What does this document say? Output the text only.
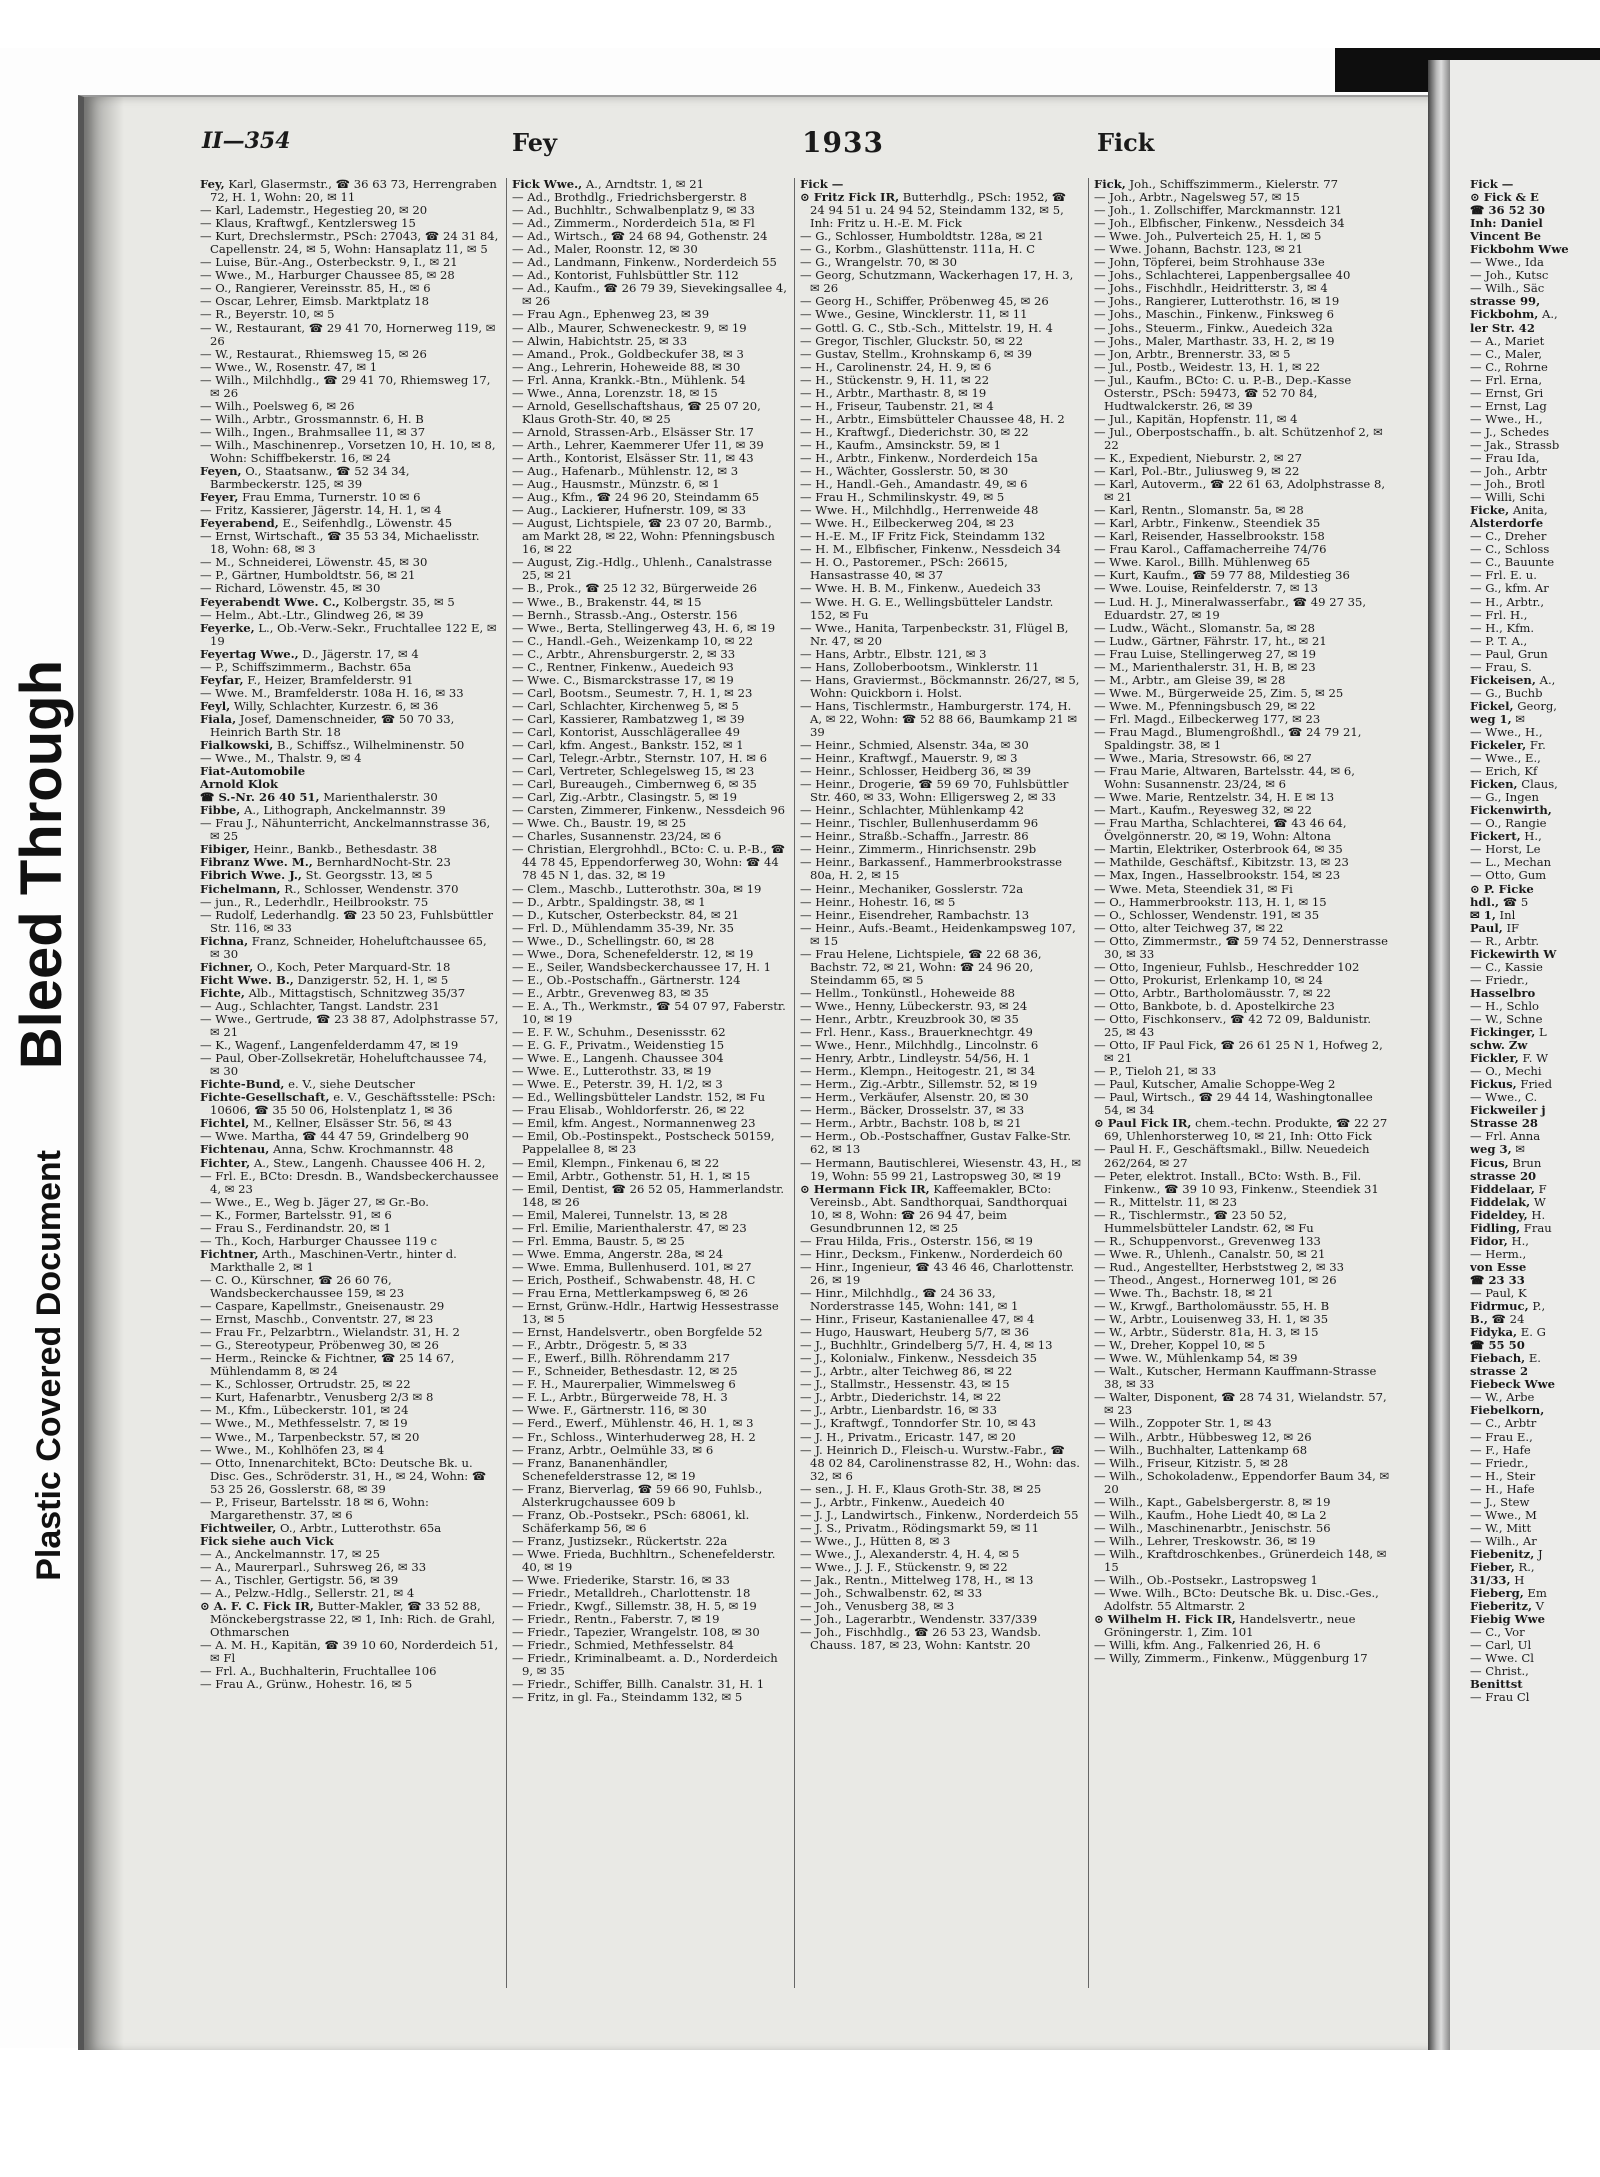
Bleed Through
Plastic Covered Document
II—354	Fey	1933	Fick

Fey, Karl, Glasermstr., ☎ 36 63 73, Herrengraben 72, H. 1, Wohn: 20, ✉ 11

— Karl, Lademstr., Hegestieg 20, ✉ 20

— Klaus, Kraftwgf., Kentzlersweg 15

— Kurt, Drechslermstr., PSch: 27043, ☎ 24 31 84, Capellenstr. 24, ✉ 5, Wohn: Hansaplatz 11, ✉ 5

— Luise, Bür.-Ang., Osterbeckstr. 9, I., ✉ 21

— Wwe., M., Harburger Chaussee 85, ✉ 28

— O., Rangierer, Vereinsstr. 85, H., ✉ 6

— Oscar, Lehrer, Eimsb. Marktplatz 18

— R., Beyerstr. 10, ✉ 5

— W., Restaurant, ☎ 29 41 70, Hornerweg 119, ✉ 26

— W., Restaurat., Rhiemsweg 15, ✉ 26

— Wwe., W., Rosenstr. 47, ✉ 1

— Wilh., Milchhdlg., ☎ 29 41 70, Rhiemsweg 17, ✉ 26

— Wilh., Poelsweg 6, ✉ 26

— Wilh., Arbtr., Grossmannstr. 6, H. B

— Wilh., Ingen., Brahmsallee 11, ✉ 37

— Wilh., Maschinenrep., Vorsetzen 10, H. 10, ✉ 8, Wohn: Schiffbekerstr. 16, ✉ 24

Feyen, O., Staatsanw., ☎ 52 34 34, Barmbeckerstr. 125, ✉ 39

Feyer, Frau Emma, Turnerstr. 10 ✉ 6

— Fritz, Kassierer, Jägerstr. 14, H. 1, ✉ 4

Feyerabend, E., Seifenhdlg., Löwenstr. 45

— Ernst, Wirtschaft., ☎ 35 53 34, Michaelisstr. 18, Wohn: 68, ✉ 3

— M., Schneiderei, Löwenstr. 45, ✉ 30

— P., Gärtner, Humboldtstr. 56, ✉ 21

— Richard, Löwenstr. 45, ✉ 30

Feyerabendt Wwe. C., Kolbergstr. 35, ✉ 5

— Helm., Abt.-Ltr., Glindweg 26, ✉ 39

Feyerke, L., Ob.-Verw.-Sekr., Fruchtallee 122 E, ✉ 19

Feyertag Wwe., D., Jägerstr. 17, ✉ 4

— P., Schiffszimmerm., Bachstr. 65a

Feyfar, F., Heizer, Bramfelderstr. 91

— Wwe. M., Bramfelderstr. 108a H. 16, ✉ 33

Feyl, Willy, Schlachter, Kurzestr. 6, ✉ 36

Fiala, Josef, Damenschneider, ☎ 50 70 33, Heinrich Barth Str. 18

Fialkowski, B., Schiffsz., Wilhelminenstr. 50

— Wwe., M., Thalstr. 9, ✉ 4

Fiat-Automobile

Arnold Klok

☎ S.-Nr. 26 40 51, Marienthalerstr. 30

Fibbe, A., Lithograph, Anckelmannstr. 39

— Frau J., Nähunterricht, Anckelmannstrasse 36, ✉ 25

Fibiger, Heinr., Bankb., Bethesdastr. 38

Fibranz Wwe. M., BernhardNocht-Str. 23

Fibrich Wwe. J., St. Georgsstr. 13, ✉ 5

Fichelmann, R., Schlosser, Wendenstr. 370

— jun., R., Lederhdlr., Heilbrookstr. 75

— Rudolf, Lederhandlg. ☎ 23 50 23, Fuhlsbüttler Str. 116, ✉ 33

Fichna, Franz, Schneider, Hoheluftchaussee 65, ✉ 30

Fichner, O., Koch, Peter Marquard-Str. 18

Ficht Wwe. B., Danzigerstr. 52, H. 1, ✉ 5

Fichte, Alb., Mittagstisch, Schnitzweg 35/37

— Aug., Schlachter, Tangst. Landstr. 231

— Wwe., Gertrude, ☎ 23 38 87, Adolphstrasse 57, ✉ 21

— K., Wagenf., Langenfelderdamm 47, ✉ 19

— Paul, Ober-Zollsekretär, Hoheluftchaussee 74, ✉ 30

Fichte-Bund, e. V., siehe Deutscher

Fichte-Gesellschaft, e. V., Geschäftsstelle: PSch: 10606, ☎ 35 50 06, Holstenplatz 1, ✉ 36

Fichtel, M., Kellner, Elsässer Str. 56, ✉ 43

— Wwe. Martha, ☎ 44 47 59, Grindelberg 90

Fichtenau, Anna, Schw. Krochmannstr. 48

Fichter, A., Stew., Langenh. Chaussee 406 H. 2,

— Frl. E., BCto: Dresdn. B., Wandsbeckerchaussee 4, ✉ 23

— Wwe., E., Weg b. Jäger 27, ✉ Gr.-Bo.

— K., Former, Bartelsstr. 91, ✉ 6

— Frau S., Ferdinandstr. 20, ✉ 1

— Th., Koch, Harburger Chaussee 119 c

Fichtner, Arth., Maschinen-Vertr., hinter d. Markthalle 2, ✉ 1

— C. O., Kürschner, ☎ 26 60 76, Wandsbeckerchaussee 159, ✉ 23

— Caspare, Kapellmstr., Gneisenaustr. 29

— Ernst, Maschb., Conventstr. 27, ✉ 23

— Frau Fr., Pelzarbtrn., Wielandstr. 31, H. 2

— G., Stereotypeur, Pröbenweg 30, ✉ 26

— Herm., Reincke & Fichtner, ☎ 25 14 67, Mühlendamm 8, ✉ 24

— K., Schlosser, Ortrudstr. 25, ✉ 22

— Kurt, Hafenarbtr., Venusberg 2/3 ✉ 8

— M., Kfm., Lübeckerstr. 101, ✉ 24

— Wwe., M., Methfesselstr. 7, ✉ 19

— Wwe., M., Tarpenbeckstr. 57, ✉ 20

— Wwe., M., Kohlhöfen 23, ✉ 4

— Otto, Innenarchitekt, BCto: Deutsche Bk. u. Disc. Ges., Schröderstr. 31, H., ✉ 24, Wohn: ☎ 53 25 26, Gosslerstr. 68, ✉ 39

— P., Friseur, Bartelsstr. 18 ✉ 6, Wohn: Margarethenstr. 37, ✉ 6

Fichtweiler, O., Arbtr., Lutterothstr. 65a

Fick siehe auch Vick

— A., Anckelmannstr. 17, ✉ 25

— A., Maurerparl., Suhrsweg 26, ✉ 33

— A., Tischler, Gertigstr. 56, ✉ 39

— A., Pelzw.-Hdlg., Sellerstr. 21, ✉ 4

⊙ A. F. C. Fick IR, Butter-Makler, ☎ 33 52 88, Mönckebergstrasse 22, ✉ 1, Inh: Rich. de Grahl, Othmarschen

— A. M. H., Kapitän, ☎ 39 10 60, Norderdeich 51, ✉ Fl

— Frl. A., Buchhalterin, Fruchtallee 106

— Frau A., Grünw., Hohestr. 16, ✉ 5

Fick Wwe., A., Arndtstr. 1, ✉ 21

— Ad., Brothdlg., Friedrichsbergerstr. 8

— Ad., Buchhltr., Schwalbenplatz 9, ✉ 33

— Ad., Zimmerm., Norderdeich 51a, ✉ Fl

— Ad., Wirtsch., ☎ 24 68 94, Gothenstr. 24

— Ad., Maler, Roonstr. 12, ✉ 30

— Ad., Landmann, Finkenw., Norderdeich 55

— Ad., Kontorist, Fuhlsbüttler Str. 112

— Ad., Kaufm., ☎ 26 79 39, Sievekingsallee 4, ✉ 26

— Frau Agn., Ephenweg 23, ✉ 39

— Alb., Maurer, Schweneckestr. 9, ✉ 19

— Alwin, Habichtstr. 25, ✉ 33

— Amand., Prok., Goldbeckufer 38, ✉ 3

— Ang., Lehrerin, Hoheweide 88, ✉ 30

— Frl. Anna, Krankk.-Btn., Mühlenk. 54

— Wwe., Anna, Lorenzstr. 18, ✉ 15

— Arnold, Gesellschaftshaus, ☎ 25 07 20, Klaus Groth-Str. 40, ✉ 25

— Arnold, Strassen-Arb., Elsässer Str. 17

— Arth., Lehrer, Kaemmerer Ufer 11, ✉ 39

— Arth., Kontorist, Elsässer Str. 11, ✉ 43

— Aug., Hafenarb., Mühlenstr. 12, ✉ 3

— Aug., Hausmstr., Münzstr. 6, ✉ 1

— Aug., Kfm., ☎ 24 96 20, Steindamm 65

— Aug., Lackierer, Hufnerstr. 109, ✉ 33

— August, Lichtspiele, ☎ 23 07 20, Barmb., am Markt 28, ✉ 22, Wohn: Pfenningsbusch 16, ✉ 22

— August, Zig.-Hdlg., Uhlenh., Canalstrasse 25, ✉ 21

— B., Prok., ☎ 25 12 32, Bürgerweide 26

— Wwe., B., Brakenstr. 44, ✉ 15

— Bernh., Strassb.-Ang., Osterstr. 156

— Wwe., Berta, Stellingerweg 43, H. 6, ✉ 19

— C., Handl.-Geh., Weizenkamp 10, ✉ 22

— C., Arbtr., Ahrensburgerstr. 2, ✉ 33

— C., Rentner, Finkenw., Auedeich 93

— Wwe. C., Bismarckstrasse 17, ✉ 19

— Carl, Bootsm., Seumestr. 7, H. 1, ✉ 23

— Carl, Schlachter, Kirchenweg 5, ✉ 5

— Carl, Kassierer, Rambatzweg 1, ✉ 39

— Carl, Kontorist, Ausschlägerallee 49

— Carl, kfm. Angest., Bankstr. 152, ✉ 1

— Carl, Telegr.-Arbtr., Sternstr. 107, H. ✉ 6

— Carl, Vertreter, Schlegelsweg 15, ✉ 23

— Carl, Bureaugeh., Cimbernweg 6, ✉ 35

— Carl, Zig.-Arbtr., Clasingstr. 5, ✉ 19

— Carsten, Zimmerer, Finkenw., Nessdeich 96

— Wwe. Ch., Baustr. 19, ✉ 25

— Charles, Susannenstr. 23/24, ✉ 6

— Christian, Elergrohhdl., BCto: C. u. P.-B., ☎ 44 78 45, Eppendorferweg 30, Wohn: ☎ 44 78 45 N 1, das. 32, ✉ 19

— Clem., Maschb., Lutterothstr. 30a, ✉ 19

— D., Arbtr., Spaldingstr. 38, ✉ 1

— D., Kutscher, Osterbeckstr. 84, ✉ 21

— Frl. D., Mühlendamm 35-39, Nr. 35

— Wwe., D., Schellingstr. 60, ✉ 28

— Wwe., Dora, Schenefelderstr. 12, ✉ 19

— E., Seiler, Wandsbeckerchaussee 17, H. 1

— E., Ob.-Postschaffn., Gärtnerstr. 124

— E., Arbtr., Grevenweg 83, ✉ 35

— E. A., Th., Werkmstr., ☎ 54 07 97, Faberstr. 10, ✉ 19

— E. F. W., Schuhm., Desenissstr. 62

— E. G. F., Privatm., Weidenstieg 15

— Wwe. E., Langenh. Chaussee 304

— Wwe. E., Lutterothstr. 33, ✉ 19

— Wwe. E., Peterstr. 39, H. 1/2, ✉ 3

— Ed., Wellingsbütteler Landstr. 152, ✉ Fu

— Frau Elisab., Wohldorferstr. 26, ✉ 22

— Emil, kfm. Angest., Normannenweg 23

— Emil, Ob.-Postinspekt., Postscheck 50159, Pappelallee 8, ✉ 23

— Emil, Klempn., Finkenau 6, ✉ 22

— Emil, Arbtr., Gothenstr. 51, H. 1, ✉ 15

— Emil, Dentist, ☎ 26 52 05, Hammerlandstr. 148, ✉ 26

— Emil, Malerei, Tunnelstr. 13, ✉ 28

— Frl. Emilie, Marienthalerstr. 47, ✉ 23

— Frl. Emma, Baustr. 5, ✉ 25

— Wwe. Emma, Angerstr. 28a, ✉ 24

— Wwe. Emma, Bullenhuserd. 101, ✉ 27

— Erich, Postheif., Schwabenstr. 48, H. C

— Frau Erna, Mettlerkampsweg 6, ✉ 26

— Ernst, Grünw.-Hdlr., Hartwig Hessestrasse 13, ✉ 5

— Ernst, Handelsvertr., oben Borgfelde 52

— F., Arbtr., Drögestr. 5, ✉ 33

— F., Ewerf., Billh. Röhrendamm 217

— F., Schneider, Bethesdastr. 12, ✉ 25

— F. H., Maurerpalier, Wimmelsweg 6

— F. L., Arbtr., Bürgerweide 78, H. 3

— Wwe. F., Gärtnerstr. 116, ✉ 30

— Ferd., Ewerf., Mühlenstr. 46, H. 1, ✉ 3

— Fr., Schloss., Winterhuderweg 28, H. 2

— Franz, Arbtr., Oelmühle 33, ✉ 6

— Franz, Bananenhändler, Schenefelderstrasse 12, ✉ 19

— Franz, Bierverlag, ☎ 59 66 90, Fuhlsb., Alsterkrugchaussee 609 b

— Franz, Ob.-Postsekr., PSch: 68061, kl. Schäferkamp 56, ✉ 6

— Franz, Justizsekr., Rückertstr. 22a

— Wwe. Frieda, Buchhltrn., Schenefelderstr. 40, ✉ 19

— Wwe. Friederike, Starstr. 16, ✉ 33

— Friedr., Metalldreh., Charlottenstr. 18

— Friedr., Kwgf., Sillemstr. 38, H. 5, ✉ 19

— Friedr., Rentn., Faberstr. 7, ✉ 19

— Friedr., Tapezier, Wrangelstr. 108, ✉ 30

— Friedr., Schmied, Methfesselstr. 84

— Friedr., Kriminalbeamt. a. D., Norderdeich 9, ✉ 35

— Friedr., Schiffer, Billh. Canalstr. 31, H. 1

— Fritz, in gl. Fa., Steindamm 132, ✉ 5

Fick —

⊙ Fritz Fick IR, Butterhdlg., PSch: 1952, ☎ 24 94 51 u. 24 94 52, Steindamm 132, ✉ 5, Inh: Fritz u. H.-E. M. Fick

— G., Schlosser, Humboldtstr. 128a, ✉ 21

— G., Korbm., Glashüttenstr. 111a, H. C

— G., Wrangelstr. 70, ✉ 30

— Georg, Schutzmann, Wackerhagen 17, H. 3, ✉ 26

— Georg H., Schiffer, Pröbenweg 45, ✉ 26

— Wwe., Gesine, Wincklerstr. 11, ✉ 11

— Gottl. G. C., Stb.-Sch., Mittelstr. 19, H. 4

— Gregor, Tischler, Gluckstr. 50, ✉ 22

— Gustav, Stellm., Krohnskamp 6, ✉ 39

— H., Carolinenstr. 24, H. 9, ✉ 6

— H., Stückenstr. 9, H. 11, ✉ 22

— H., Arbtr., Marthastr. 8, ✉ 19

— H., Friseur, Taubenstr. 21, ✉ 4

— H., Arbtr., Eimsbütteler Chaussee 48, H. 2

— H., Kraftwgf., Diederichstr. 30, ✉ 22

— H., Kaufm., Amsinckstr. 59, ✉ 1

— H., Arbtr., Finkenw., Norderdeich 15a

— H., Wächter, Gosslerstr. 50, ✉ 30

— H., Handl.-Geh., Amandastr. 49, ✉ 6

— Frau H., Schmilinskystr. 49, ✉ 5

— Wwe. H., Milchhdlg., Herrenweide 48

— Wwe. H., Eilbeckerweg 204, ✉ 23

— H.-E. M., IF Fritz Fick, Steindamm 132

— H. M., Elbfischer, Finkenw., Nessdeich 34

— H. O., Pastoremer., PSch: 26615, Hansastrasse 40, ✉ 37

— Wwe. H. B. M., Finkenw., Auedeich 33

— Wwe. H. G. E., Wellingsbütteler Landstr. 152, ✉ Fu

— Wwe., Hanita, Tarpenbeckstr. 31, Flügel B, Nr. 47, ✉ 20

— Hans, Arbtr., Elbstr. 121, ✉ 3

— Hans, Zolloberbootsm., Winklerstr. 11

— Hans, Graviermst., Böckmannstr. 26/27, ✉ 5, Wohn: Quickborn i. Holst.

— Hans, Tischlermstr., Hamburgerstr. 174, H. A, ✉ 22, Wohn: ☎ 52 88 66, Baumkamp 21 ✉ 39

— Heinr., Schmied, Alsenstr. 34a, ✉ 30

— Heinr., Kraftwgf., Mauerstr. 9, ✉ 3

— Heinr., Schlosser, Heidberg 36, ✉ 39

— Heinr., Drogerie, ☎ 59 69 70, Fuhlsbüttler Str. 460, ✉ 33, Wohn: Elligersweg 2, ✉ 33

— Heinr., Schlachter, Mühlenkamp 42

— Heinr., Tischler, Bullenhuserdamm 96

— Heinr., Straßb.-Schaffn., Jarrestr. 86

— Heinr., Zimmerm., Hinrichsenstr. 29b

— Heinr., Barkassenf., Hammerbrookstrasse 80a, H. 2, ✉ 15

— Heinr., Mechaniker, Gosslerstr. 72a

— Heinr., Hohestr. 16, ✉ 5

— Heinr., Eisendreher, Rambachstr. 13

— Heinr., Aufs.-Beamt., Heidenkampsweg 107, ✉ 15

— Frau Helene, Lichtspiele, ☎ 22 68 36, Bachstr. 72, ✉ 21, Wohn: ☎ 24 96 20, Steindamm 65, ✉ 5

— Hellm., Tonkünstl., Hoheweide 88

— Wwe., Henny, Lübeckerstr. 93, ✉ 24

— Henr., Arbtr., Kreuzbrook 30, ✉ 35

— Frl. Henr., Kass., Brauerknechtgr. 49

— Wwe., Henr., Milchhdlg., Lincolnstr. 6

— Henry, Arbtr., Lindleystr. 54/56, H. 1

— Herm., Klempn., Heitogestr. 21, ✉ 34

— Herm., Zig.-Arbtr., Sillemstr. 52, ✉ 19

— Herm., Verkäufer, Alsenstr. 20, ✉ 30

— Herm., Bäcker, Drosselstr. 37, ✉ 33

— Herm., Arbtr., Bachstr. 108 b, ✉ 21

— Herm., Ob.-Postschaffner, Gustav Falke-Str. 62, ✉ 13

— Hermann, Bautischlerei, Wiesenstr. 43, H., ✉ 19, Wohn: 55 99 21, Lastropsweg 30, ✉ 19

⊙ Hermann Fick IR, Kaffeemakler, BCto: Vereinsb., Abt. Sandthorquai, Sandthorquai 10, ✉ 8, Wohn: ☎ 26 94 47, beim Gesundbrunnen 12, ✉ 25

— Frau Hilda, Fris., Osterstr. 156, ✉ 19

— Hinr., Decksm., Finkenw., Norderdeich 60

— Hinr., Ingenieur, ☎ 43 46 46, Charlottenstr. 26, ✉ 19

— Hinr., Milchhdlg., ☎ 24 36 33, Norderstrasse 145, Wohn: 141, ✉ 1

— Hinr., Friseur, Kastanienallee 47, ✉ 4

— Hugo, Hauswart, Heuberg 5/7, ✉ 36

— J., Buchhltr., Grindelberg 5/7, H. 4, ✉ 13

— J., Kolonialw., Finkenw., Nessdeich 35

— J., Arbtr., alter Teichweg 86, ✉ 22

— J., Stallmstr., Hessenstr. 43, ✉ 15

— J., Arbtr., Diederichstr. 14, ✉ 22

— J., Arbtr., Lienbardstr. 16, ✉ 33

— J., Kraftwgf., Tonndorfer Str. 10, ✉ 43

— J. H., Privatm., Ericastr. 147, ✉ 20

— J. Heinrich D., Fleisch-u. Wurstw.-Fabr., ☎ 48 02 84, Carolinenstrasse 82, H., Wohn: das. 32, ✉ 6

— sen., J. H. F., Klaus Groth-Str. 38, ✉ 25

— J., Arbtr., Finkenw., Auedeich 40

— J. J., Landwirtsch., Finkenw., Norderdeich 55

— J. S., Privatm., Rödingsmarkt 59, ✉ 11

— Wwe., J., Hütten 8, ✉ 3

— Wwe., J., Alexanderstr. 4, H. 4, ✉ 5

— Wwe., J. J. F., Stückenstr. 9, ✉ 22

— Jak., Rentn., Mittelweg 178, H., ✉ 13

— Joh., Schwalbenstr. 62, ✉ 33

— Joh., Venusberg 38, ✉ 3

— Joh., Lagerarbtr., Wendenstr. 337/339

— Joh., Fischhdlg., ☎ 26 53 23, Wandsb. Chauss. 187, ✉ 23, Wohn: Kantstr. 20

Fick, Joh., Schiffszimmerm., Kielerstr. 77

— Joh., Arbtr., Nagelsweg 57, ✉ 15

— Joh., 1. Zollschiffer, Marckmannstr. 121

— Joh., Elbfischer, Finkenw., Nessdeich 34

— Wwe. Joh., Pulverteich 25, H. 1, ✉ 5

— Wwe. Johann, Bachstr. 123, ✉ 21

— John, Töpferei, beim Strohhause 33e

— Johs., Schlachterei, Lappenbergsallee 40

— Johs., Fischhdlr., Heidritterstr. 3, ✉ 4

— Johs., Rangierer, Lutterothstr. 16, ✉ 19

— Johs., Maschin., Finkenw., Finksweg 6

— Johs., Steuerm., Finkw., Auedeich 32a

— Johs., Maler, Marthastr. 33, H. 2, ✉ 19

— Jon, Arbtr., Brennerstr. 33, ✉ 5

— Jul., Postb., Weidestr. 13, H. 1, ✉ 22

— Jul., Kaufm., BCto: C. u. P.-B., Dep.-Kasse Osterstr., PSch: 59473, ☎ 52 70 84, Hudtwalckerstr. 26, ✉ 39

— Jul., Kapitän, Hopfenstr. 11, ✉ 4

— Jul., Oberpostschaffn., b. alt. Schützenhof 2, ✉ 22

— K., Expedient, Nieburstr. 2, ✉ 27

— Karl, Pol.-Btr., Juliusweg 9, ✉ 22

— Karl, Autoverm., ☎ 22 61 63, Adolphstrasse 8, ✉ 21

— Karl, Rentn., Slomanstr. 5a, ✉ 28

— Karl, Arbtr., Finkenw., Steendiek 35

— Karl, Reisender, Hasselbrookstr. 158

— Frau Karol., Caffamacherreihe 74/76

— Wwe. Karol., Billh. Mühlenweg 65

— Kurt, Kaufm., ☎ 59 77 88, Mildestieg 36

— Wwe. Louise, Reinfelderstr. 7, ✉ 13

— Lud. H. J., Mineralwasserfabr., ☎ 49 27 35, Eduardstr. 27, ✉ 19

— Ludw., Wächt., Slomanstr. 5a, ✉ 28

— Ludw., Gärtner, Fährstr. 17, ht., ✉ 21

— Frau Luise, Stellingerweg 27, ✉ 19

— M., Marienthalerstr. 31, H. B, ✉ 23

— M., Arbtr., am Gleise 39, ✉ 28

— Wwe. M., Bürgerweide 25, Zim. 5, ✉ 25

— Wwe. M., Pfenningsbusch 29, ✉ 22

— Frl. Magd., Eilbeckerweg 177, ✉ 23

— Frau Magd., Blumengroßhdl., ☎ 24 79 21, Spaldingstr. 38, ✉ 1

— Wwe., Maria, Stresowstr. 66, ✉ 27

— Frau Marie, Altwaren, Bartelsstr. 44, ✉ 6, Wohn: Susannenstr. 23/24, ✉ 6

— Wwe. Marie, Rentzelstr. 34, H. E ✉ 13

— Mart., Kaufm., Reyesweg 32, ✉ 22

— Frau Martha, Schlachterei, ☎ 43 46 64, Övelgönnerstr. 20, ✉ 19, Wohn: Altona

— Martin, Elektriker, Osterbrook 64, ✉ 35

— Mathilde, Geschäftsf., Kibitzstr. 13, ✉ 23

— Max, Ingen., Hasselbrookstr. 154, ✉ 23

— Wwe. Meta, Steendiek 31, ✉ Fi

— O., Hammerbrookstr. 113, H. 1, ✉ 15

— O., Schlosser, Wendenstr. 191, ✉ 35

— Otto, alter Teichweg 37, ✉ 22

— Otto, Zimmermstr., ☎ 59 74 52, Dennerstrasse 30, ✉ 33

— Otto, Ingenieur, Fuhlsb., Heschredder 102

— Otto, Prokurist, Erlenkamp 10, ✉ 24

— Otto, Arbtr., Bartholomäusstr. 7, ✉ 22

— Otto, Bankbote, b. d. Apostelkirche 23

— Otto, Fischkonserv., ☎ 42 72 09, Baldunistr. 25, ✉ 43

— Otto, IF Paul Fick, ☎ 26 61 25 N 1, Hofweg 2, ✉ 21

— P., Tieloh 21, ✉ 33

— Paul, Kutscher, Amalie Schoppe-Weg 2

— Paul, Wirtsch., ☎ 29 44 14, Washingtonallee 54, ✉ 34

⊙ Paul Fick IR, chem.-techn. Produkte, ☎ 22 27 69, Uhlenhorsterweg 10, ✉ 21, Inh: Otto Fick

— Paul H. F., Geschäftsmakl., Billw. Neuedeich 262/264, ✉ 27

— Peter, elektrot. Install., BCto: Wsth. B., Fil. Finkenw., ☎ 39 10 93, Finkenw., Steendiek 31

— R., Mittelstr. 11, ✉ 23

— R., Tischlermstr., ☎ 23 50 52, Hummelsbütteler Landstr. 62, ✉ Fu

— R., Schuppenvorst., Grevenweg 133

— Wwe. R., Uhlenh., Canalstr. 50, ✉ 21

— Rud., Angestellter, Herbststweg 2, ✉ 33

— Theod., Angest., Hornerweg 101, ✉ 26

— Wwe. Th., Bachstr. 18, ✉ 21

— W., Krwgf., Bartholomäusstr. 55, H. B

— W., Arbtr., Louisenweg 33, H. 1, ✉ 35

— W., Arbtr., Süderstr. 81a, H. 3, ✉ 15

— W., Dreher, Koppel 10, ✉ 5

— Wwe. W., Mühlenkamp 54, ✉ 39

— Walt., Kutscher, Hermann Kauffmann-Strasse 38, ✉ 33

— Walter, Disponent, ☎ 28 74 31, Wielandstr. 57, ✉ 23

— Wilh., Zoppoter Str. 1, ✉ 43

— Wilh., Arbtr., Hübbesweg 12, ✉ 26

— Wilh., Buchhalter, Lattenkamp 68

— Wilh., Friseur, Kitzistr. 5, ✉ 28

— Wilh., Schokoladenw., Eppendorfer Baum 34, ✉ 20

— Wilh., Kapt., Gabelsbergerstr. 8, ✉ 19

— Wilh., Kaufm., Hohe Liedt 40, ✉ La 2

— Wilh., Maschinenarbtr., Jenischstr. 56

— Wilh., Lehrer, Treskowstr. 36, ✉ 19

— Wilh., Kraftdroschkenbes., Grünerdeich 148, ✉ 15

— Wilh., Ob.-Postsekr., Lastropsweg 1

— Wwe. Wilh., BCto: Deutsche Bk. u. Disc.-Ges., Adolfstr. 55 Altmarstr. 2

⊙ Wilhelm H. Fick IR, Handelsvertr., neue Gröningerstr. 1, Zim. 101

— Willi, kfm. Ang., Falkenried 26, H. 6

— Willy, Zimmerm., Finkenw., Müggenburg 17

Fick —

⊙ Fick & E

☎ 36 52 30

Inh: Daniel

Vincent Be

Fickbohm Wwe

— Wwe., Ida

— Joh., Kutsc

— Wilh., Säc

strasse 99,

Fickbohm, A.,

ler Str. 42

— A., Mariet

— C., Maler,

— C., Rohrne

— Frl. Erna,

— Ernst, Gri

— Ernst, Lag

— Wwe., H.,

— J., Schedes

— Jak., Strassb

— Frau Ida,

— Joh., Arbtr

— Joh., Brotl

— Willi, Schi

Ficke, Anita,

Alsterdorfe

— C., Dreher

— C., Schloss

— C., Bauunte

— Frl. E. u.

— G., kfm. Ar

— H., Arbtr.,

— Frl. H.,

— H., Kfm.

— P. T. A.,

— Paul, Grun

— Frau, S.

Fickeisen, A.,

— G., Buchb

Fickel, Georg,

weg 1, ✉

— Wwe., H.,

Fickeler, Fr.

— Wwe., E.,

— Erich, Kf

Ficken, Claus,

— G., Ingen

Fickenwirth,

— O., Rangie

Fickert, H.,

— Horst, Le

— L., Mechan

— Otto, Gum

⊙ P. Ficke

hdl., ☎ 5

✉ 1, Inl

Paul, IF

— R., Arbtr.

Fickewirth W

— C., Kassie

— Friedr.,

Hasselbro

— H., Schlo

— W., Schne

Fickinger, L

schw. Zw

Fickler, F. W

— O., Mechi

Fickus, Fried

— Wwe., C.

Fickweiler j

Strasse 28

— Frl. Anna

weg 3, ✉

Ficus, Brun

strasse 20

Fiddelaar, F

Fiddelak, W

Fideldey, H.

Fidling, Frau

Fidor, H.,

— Herm.,

von Esse

☎ 23 33

— Paul, K

Fidrmuc, P.,

B., ☎ 24

Fidyka, E. G

☎ 55 50

Fiebach, E.

strasse 2

Fiebeck Wwe

— W., Arbe

Fiebelkorn,

— C., Arbtr

— Frau E.,

— F., Hafe

— Friedr.,

— H., Steir

— H., Hafe

— J., Stew

— Wwe., M

— W., Mitt

— Wilh., Ar

Fiebenitz, J

Fieber, R.,

31/33, H

Fieberg, Em

Fieberitz, V

Fiebig Wwe

— C., Vor

— Carl, Ul

— Wwe. Cl

— Christ.,

Benittst

— Frau Cl
